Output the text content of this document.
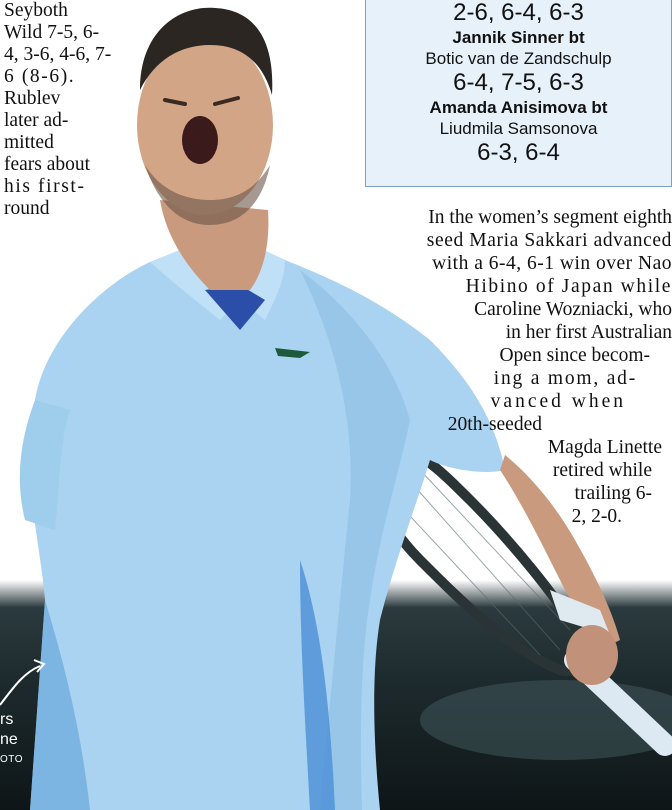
Seyboth
Wild 7-5, 6-
4, 3-6, 4-6, 7-
6 (8-6).
Rublev
later ad-
mitted
fears about
his first-
round
2-6, 6-4, 6-3
Jannik Sinner bt
Botic van de Zandschulp
6-4, 7-5, 6-3
Amanda Anisimova bt
Liudmila Samsonova
6-3, 6-4
In the women’s segment eighth
seed Maria Sakkari advanced
with a 6-4, 6-1 win over Nao
Hibino of Japan while
Caroline Wozniacki, who
in her first Australian
Open since becom-
ing a mom, ad-
vanced when
20th-seeded
Magda Linette
retired while
trailing 6-
2, 2-0.
rs
ne
OTO
